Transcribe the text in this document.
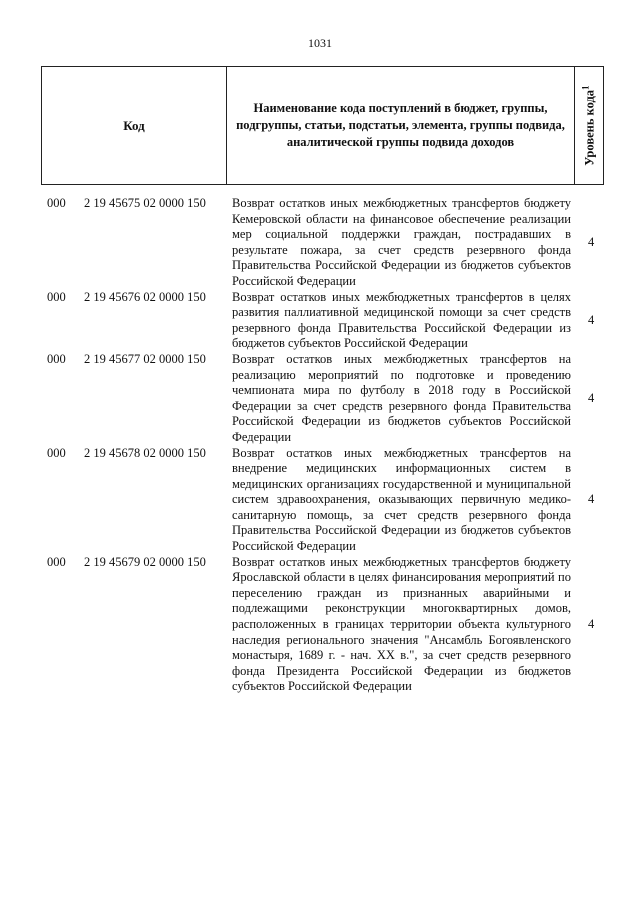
1031
Код
Наименование кода поступлений в бюджет, группы, подгруппы, статьи, подстатьи, элемента, группы подвида, аналитической группы подвида доходов	Уровень кода$^1$
000 2 19 45675 02 0000 150 Возврат остатков иных межбюджетных трансфертов бюджету Кемеровской области на финансовое обеспечение реализации мер социальной поддержки граждан, пострадавших в результате пожара, за счет средств резервного фонда Правительства Российской Федерации из бюджетов субъектов Российской Федерации
4
000 2 19 45676 02 0000 150 Возврат остатков иных межбюджетных трансфертов в целях развития паллиативной медицинской помощи за счет средств резервного фонда Правительства Российской Федерации из бюджетов субъектов Российской Федерации
4
000 2 19 45677 02 0000 150 Возврат остатков иных межбюджетных трансфертов на реализацию мероприятий по подготовке и проведению чемпионата мира по футболу в 2018 году в Российской Федерации за счет средств резервного фонда Правительства Российской Федерации из бюджетов субъектов Российской Федерации
4
000 2 19 45678 02 0000 150 Возврат остатков иных межбюджетных трансфертов на внедрение медицинских информационных систем в медицинских организациях государственной и муниципальной систем здравоохранения, оказывающих первичную медико-санитарную помощь, за счет средств резервного фонда Правительства Российской Федерации из бюджетов субъектов Российской Федерации
4
000 2 19 45679 02 0000 150 Возврат остатков иных межбюджетных трансфертов бюджету Ярославской области в целях финансирования мероприятий по переселению граждан из признанных аварийными и подлежащими реконструкции многоквартирных домов, расположенных в границах территории объекта культурного наследия регионального значения "Ансамбль Богоявленского монастыря, 1689 г. - нач. XX в.", за счет средств резервного фонда Президента Российской Федерации из бюджетов субъектов Российской Федерации
4
